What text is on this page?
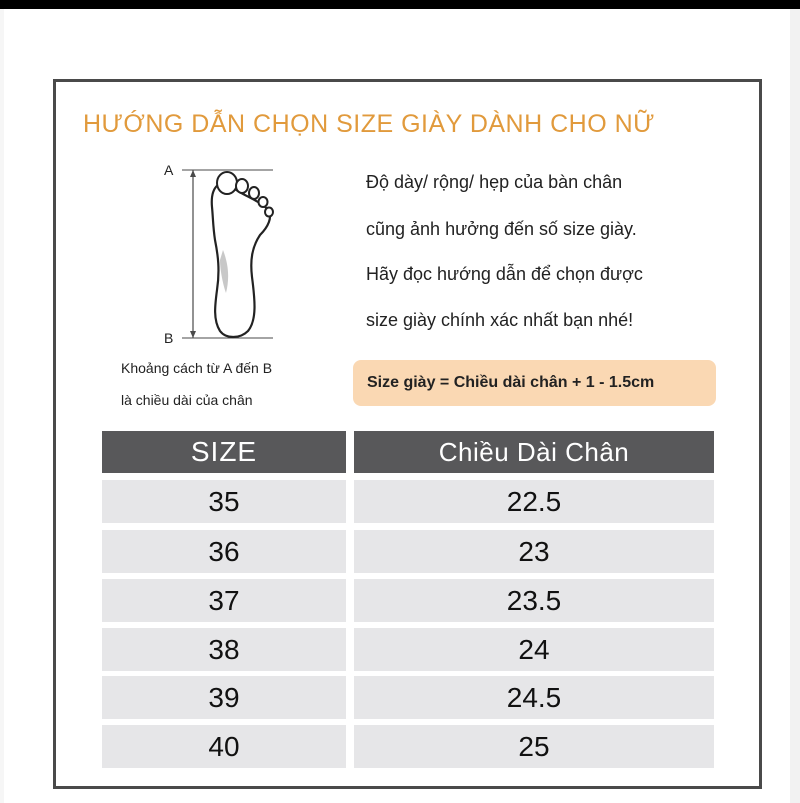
HƯỚNG DẪN CHỌN SIZE GIÀY DÀNH CHO NỮ
A
B
Khoảng cách từ A đến B
là chiều dài của chân
Độ dày/ rộng/ hẹp của bàn chân
cũng ảnh hưởng đến số size giày.
Hãy đọc hướng dẫn để chọn được
size giày chính xác nhất bạn nhé!
Size giày = Chiều dài chân + 1 - 1.5cm
SIZE	Chiều Dài Chân
35	22.5
36	23
37	23.5
38	24
39	24.5
40	25
